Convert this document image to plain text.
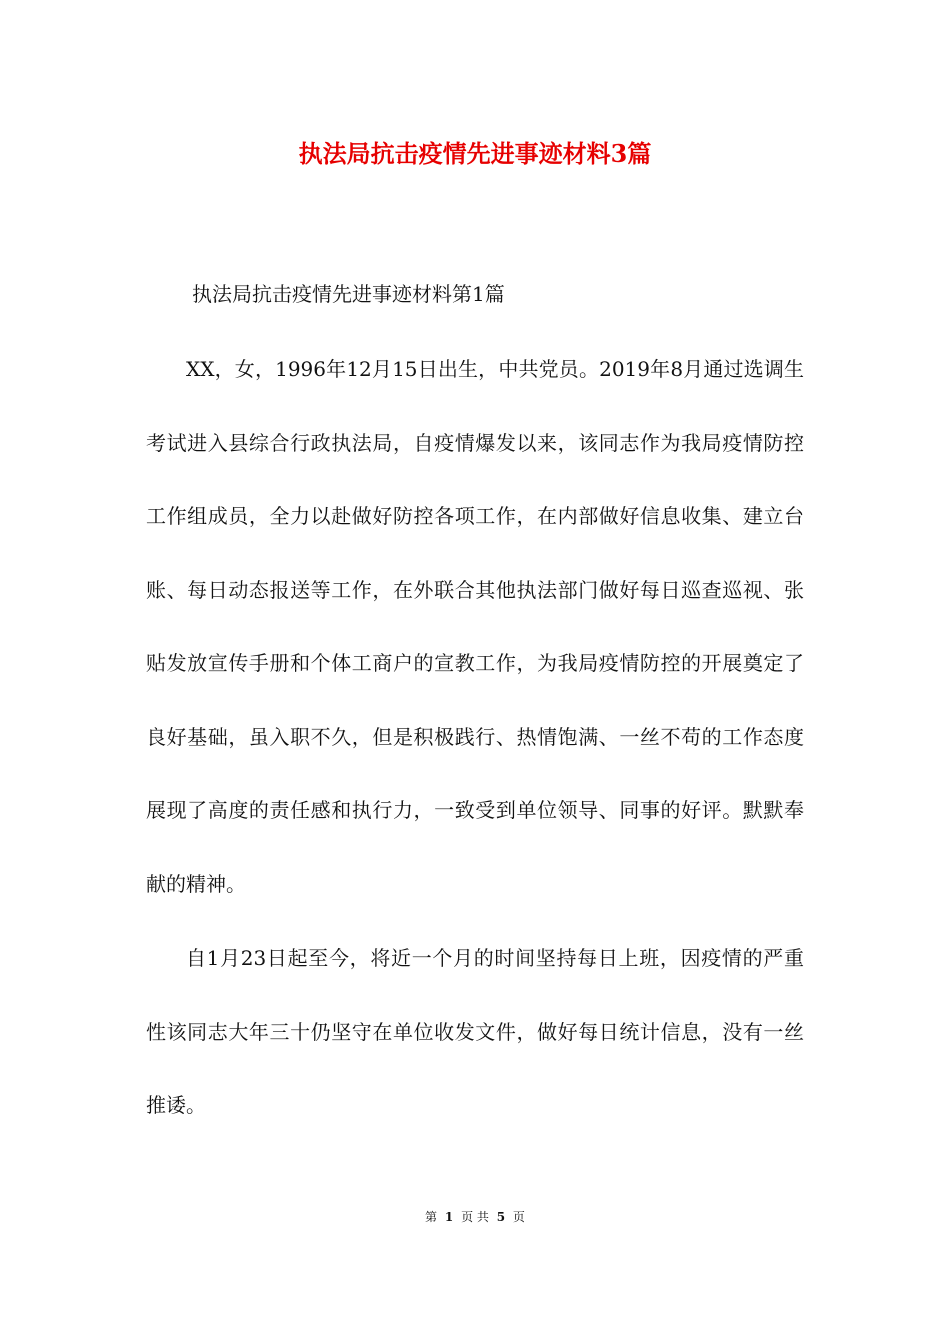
执法局抗击疫情先进事迹材料3篇

执法局抗击疫情先进事迹材料第1篇

XX，女，1996年12月15日出生，中共党员。2019年8月通过选调生考试进入县综合行政执法局，自疫情爆发以来，该同志作为我局疫情防控工作组成员，全力以赴做好防控各项工作，在内部做好信息收集、建立台账、每日动态报送等工作，在外联合其他执法部门做好每日巡查巡视、张贴发放宣传手册和个体工商户的宣教工作，为我局疫情防控的开展奠定了良好基础，虽入职不久，但是积极践行、热情饱满、一丝不苟的工作态度展现了高度的责任感和执行力，一致受到单位领导、同事的好评。默默奉献的精神。

自1月23日起至今，将近一个月的时间坚持每日上班，因疫情的严重性该同志大年三十仍坚守在单位收发文件，做好每日统计信息，没有一丝推诿。

第 1 页 共 5 页
